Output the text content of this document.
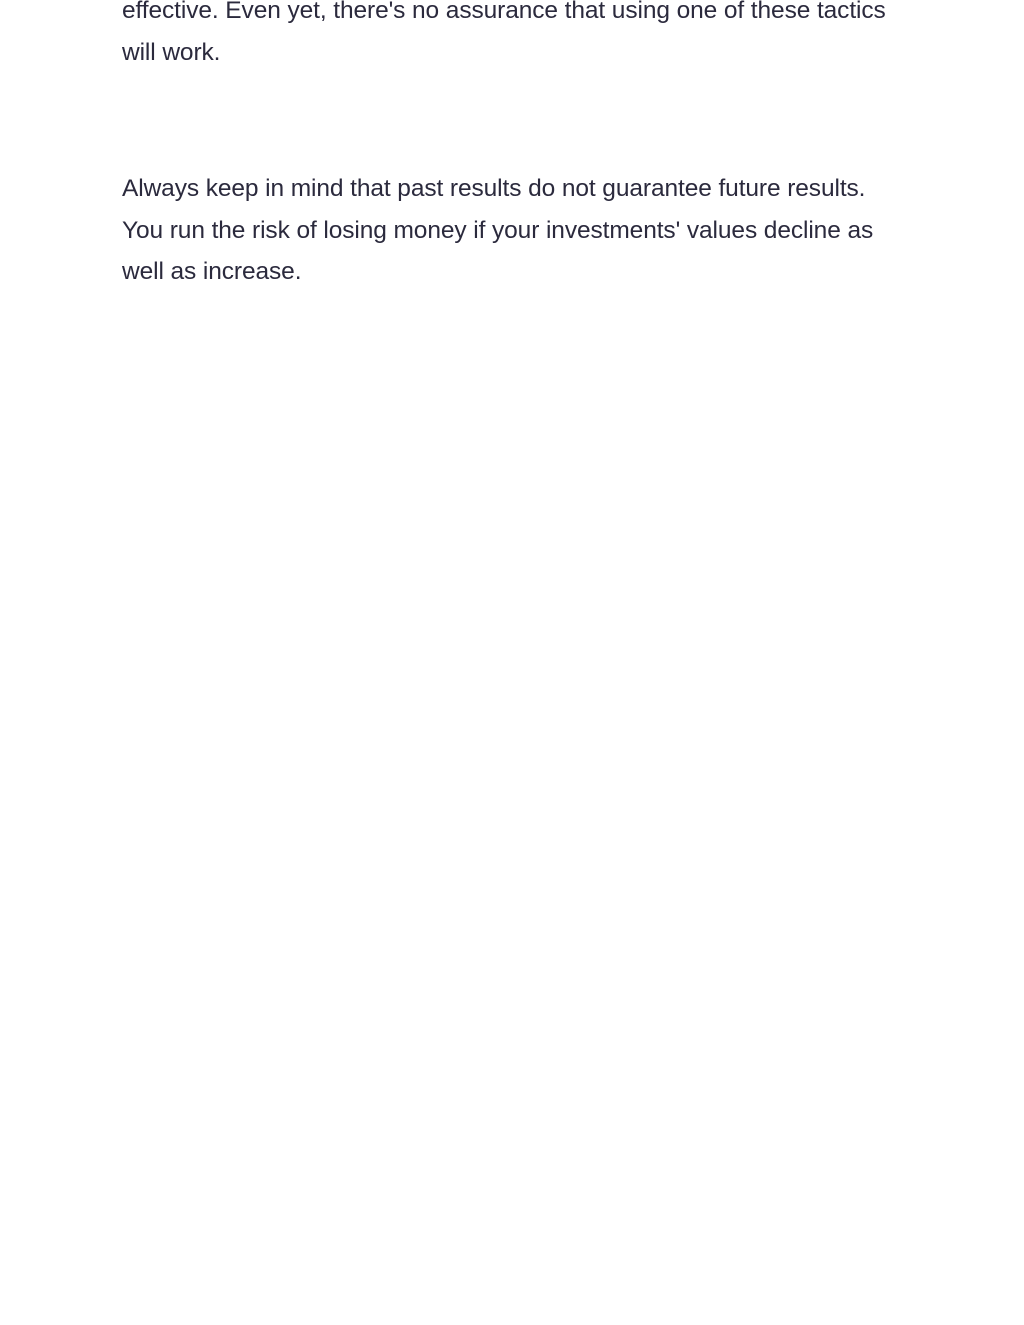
effective. Even yet, there's no assurance that using one of these tactics will work.

Always keep in mind that past results do not guarantee future results. You run the risk of losing money if your investments' values decline as well as increase.
